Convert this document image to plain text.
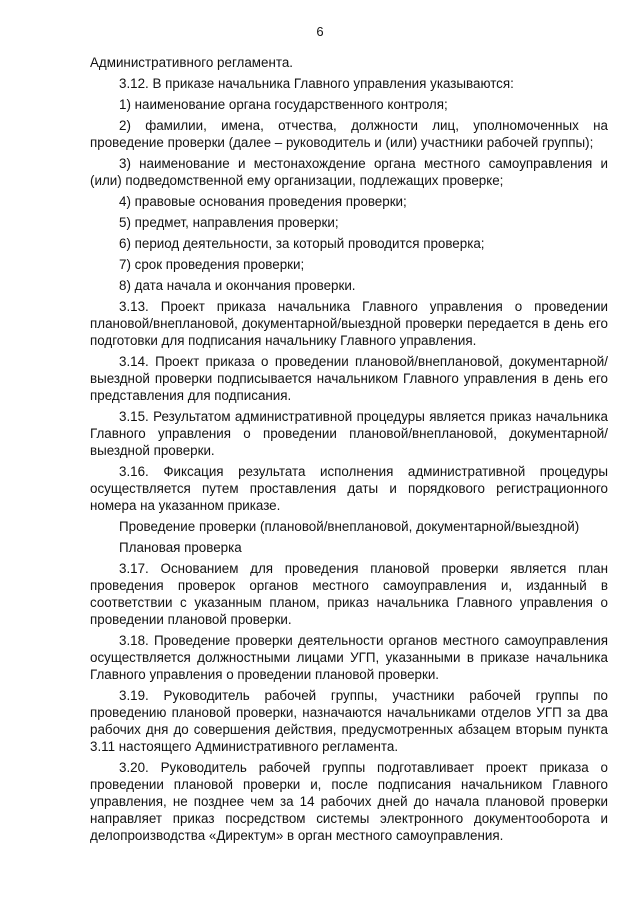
6

Административного регламента.

3.12. В приказе начальника Главного управления указываются:

1) наименование органа государственного контроля;

2) фамилии, имена, отчества, должности лиц, уполномоченных на проведение проверки (далее – руководитель и (или) участники рабочей группы);

3) наименование и местонахождение органа местного самоуправления и (или) подведомственной ему организации, подлежащих проверке;

4) правовые основания проведения проверки;

5) предмет, направления проверки;

6) период деятельности, за который проводится проверка;

7) срок проведения проверки;

8) дата начала и окончания проверки.

3.13. Проект приказа начальника Главного управления о проведении плановой/внеплановой, документарной/выездной проверки передается в день его подготовки для подписания начальнику Главного управления.

3.14. Проект приказа о проведении плановой/внеплановой, документарной/выездной проверки подписывается начальником Главного управления в день его представления для подписания.

3.15. Результатом административной процедуры является приказ начальника Главного управления о проведении плановой/внеплановой, документарной/выездной проверки.

3.16. Фиксация результата исполнения административной процедуры осуществляется путем проставления даты и порядкового регистрационного номера на указанном приказе.

Проведение проверки (плановой/внеплановой, документарной/выездной)

Плановая проверка

3.17. Основанием для проведения плановой проверки является план проведения проверок органов местного самоуправления и, изданный в соответствии с указанным планом, приказ начальника Главного управления о проведении плановой проверки.

3.18. Проведение проверки деятельности органов местного самоуправления осуществляется должностными лицами УГП, указанными в приказе начальника Главного управления о проведении плановой проверки.

3.19. Руководитель рабочей группы, участники рабочей группы по проведению плановой проверки, назначаются начальниками отделов УГП за два рабочих дня до совершения действия, предусмотренных абзацем вторым пункта 3.11 настоящего Административного регламента.

3.20. Руководитель рабочей группы подготавливает проект приказа о проведении плановой проверки и, после подписания начальником Главного управления, не позднее чем за 14 рабочих дней до начала плановой проверки направляет приказ посредством системы электронного документооборота и делопроизводства «Директум» в орган местного самоуправления.
